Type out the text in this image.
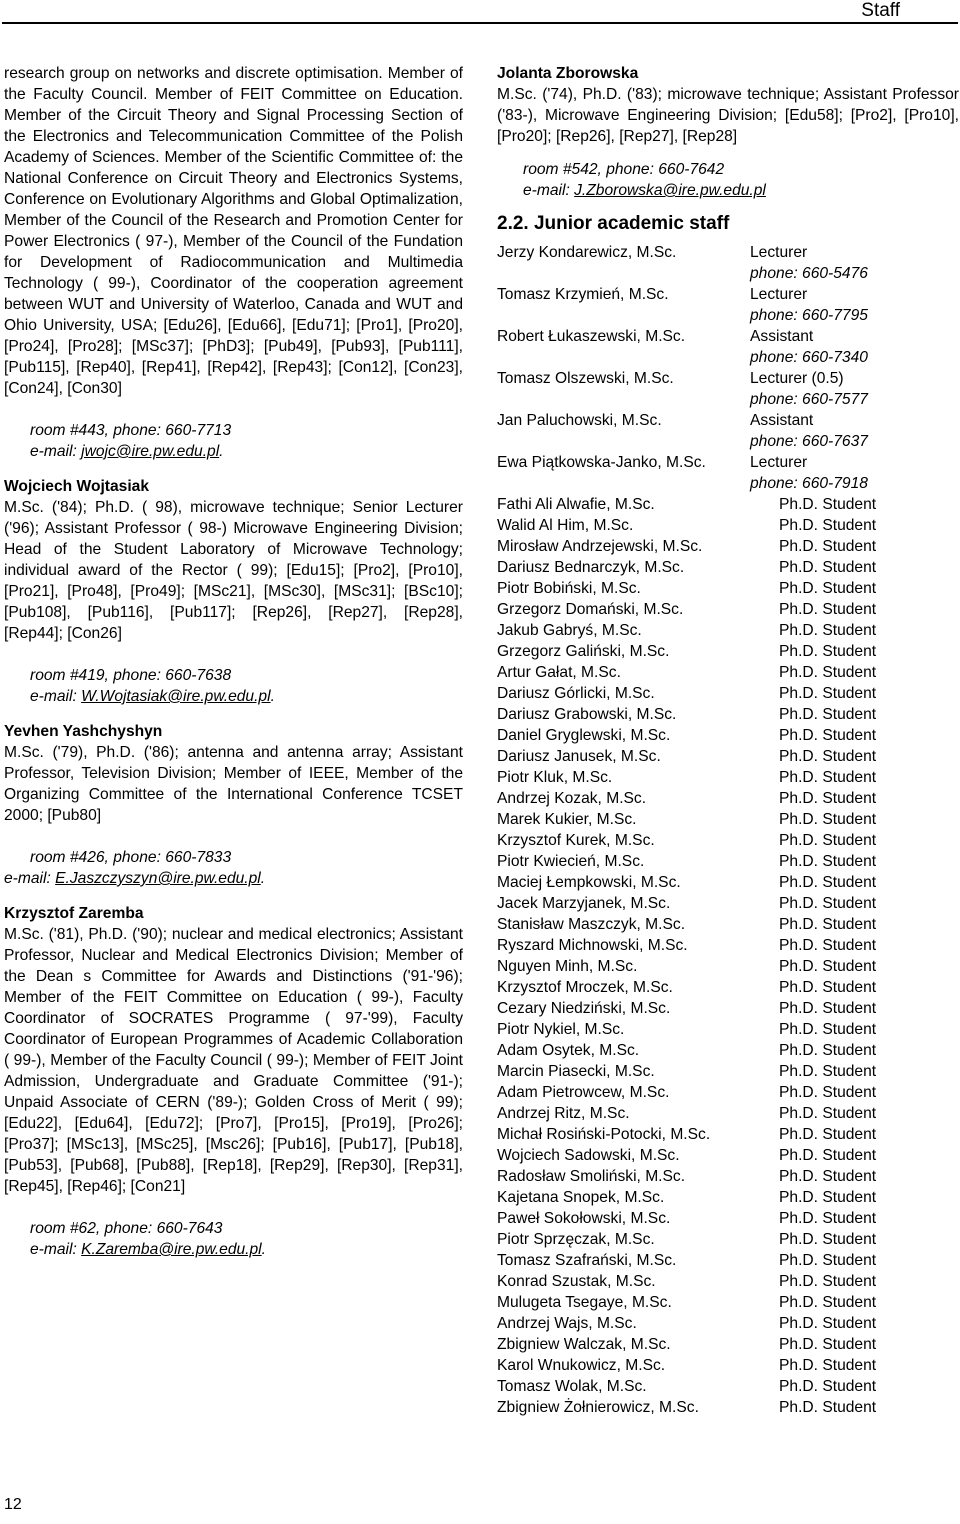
Staff

research group on networks and discrete optimisation. Member of the Faculty Council. Member of FEIT Committee on Education. Member of the Circuit Theory and Signal Processing Section of the Electronics and Telecommunication Committee of the Polish Academy of Sciences. Member of the Scientific Committee of: the National Conference on Circuit Theory and Electronics Systems, Conference on Evolutionary Algorithms and Global Optimalization, Member of the Council of the Research and Promotion Center for Power Electronics ( 97-), Member of the Council of the Fundation for Development of Radiocommunication and Multimedia Technology ( 99-), Coordinator of the cooperation agreement between WUT and University of Waterloo, Canada and WUT and Ohio University, USA; [Edu26], [Edu66], [Edu71]; [Pro1], [Pro20], [Pro24], [Pro28]; [MSc37]; [PhD3]; [Pub49], [Pub93], [Pub111], [Pub115], [Rep40], [Rep41], [Rep42], [Rep43]; [Con12], [Con23], [Con24], [Con30]

room #443, phone: 660-7713
e-mail: jwojc@ire.pw.edu.pl.
Wojciech Wojtasiak

M.Sc. ('84); Ph.D. ( 98), microwave technique; Senior Lecturer ('96); Assistant Professor ( 98-) Microwave Engineering Division; Head of the Student Laboratory of Microwave Technology; individual award of the Rector ( 99); [Edu15]; [Pro2], [Pro10], [Pro21], [Pro48], [Pro49]; [MSc21], [MSc30], [MSc31]; [BSc10]; [Pub108], [Pub116], [Pub117]; [Rep26], [Rep27], [Rep28], [Rep44]; [Con26]

room #419, phone: 660-7638
e-mail: W.Wojtasiak@ire.pw.edu.pl.
Yevhen Yashchyshyn

M.Sc. ('79), Ph.D. ('86); antenna and antenna array; Assistant Professor, Television Division; Member of IEEE, Member of the Organizing Committee of the International Conference TCSET 2000; [Pub80]

room #426, phone: 660-7833
e-mail: E.Jaszczyszyn@ire.pw.edu.pl.
Krzysztof Zaremba

M.Sc. ('81), Ph.D. ('90); nuclear and medical electronics; Assistant Professor, Nuclear and Medical Electronics Division; Member of the Dean s Committee for Awards and Distinctions ('91-'96); Member of the FEIT Committee on Education ( 99-), Faculty Coordinator of SOCRATES Programme ( 97-'99), Faculty Coordinator of European Programmes of Academic Collaboration ( 99-), Member of the Faculty Council ( 99-); Member of FEIT Joint Admission, Undergraduate and Graduate Committee ('91-); Unpaid Associate of CERN ('89-); Golden Cross of Merit ( 99); [Edu22], [Edu64], [Edu72]; [Pro7], [Pro15], [Pro19], [Pro26]; [Pro37]; [MSc13], [MSc25], [Msc26]; [Pub16], [Pub17], [Pub18], [Pub53], [Pub68], [Pub88], [Rep18], [Rep29], [Rep30], [Rep31], [Rep45], [Rep46]; [Con21]

room #62, phone: 660-7643
e-mail: K.Zaremba@ire.pw.edu.pl.
Jolanta Zborowska

M.Sc. ('74), Ph.D. ('83); microwave technique; Assistant Professor ('83-), Microwave Engineering Division; [Edu58]; [Pro2], [Pro10], [Pro20]; [Rep26], [Rep27], [Rep28]

room #542, phone: 660-7642
e-mail: J.Zborowska@ire.pw.edu.pl
2.2. Junior academic staff
Jerzy Kondarewicz, M.Sc.	Lecturer
phone: 660-5476
Tomasz Krzymień, M.Sc.	Lecturer
phone: 660-7795
Robert Łukaszewski, M.Sc.	Assistant
phone: 660-7340
Tomasz Olszewski, M.Sc.	Lecturer (0.5)
phone: 660-7577
Jan Paluchowski, M.Sc.	Assistant
phone: 660-7637
Ewa Piątkowska-Janko, M.Sc.	Lecturer
phone: 660-7918
Fathi Ali Alwafie, M.Sc.	Ph.D. Student
Walid Al Him, M.Sc.	Ph.D. Student
Mirosław Andrzejewski, M.Sc.	Ph.D. Student
Dariusz Bednarczyk, M.Sc.	Ph.D. Student
Piotr Bobiński, M.Sc.	Ph.D. Student
Grzegorz Domański, M.Sc.	Ph.D. Student
Jakub Gabryś, M.Sc.	Ph.D. Student
Grzegorz Galiński, M.Sc.	Ph.D. Student
Artur Gałat, M.Sc.	Ph.D. Student
Dariusz Górlicki, M.Sc.	Ph.D. Student
Dariusz Grabowski, M.Sc.	Ph.D. Student
Daniel Gryglewski, M.Sc.	Ph.D. Student
Dariusz Janusek, M.Sc.	Ph.D. Student
Piotr Kluk, M.Sc.	Ph.D. Student
Andrzej Kozak, M.Sc.	Ph.D. Student
Marek Kukier, M.Sc.	Ph.D. Student
Krzysztof Kurek, M.Sc.	Ph.D. Student
Piotr Kwiecień, M.Sc.	Ph.D. Student
Maciej Łempkowski, M.Sc.	Ph.D. Student
Jacek Marzyjanek, M.Sc.	Ph.D. Student
Stanisław Maszczyk, M.Sc.	Ph.D. Student
Ryszard Michnowski, M.Sc.	Ph.D. Student
Nguyen Minh, M.Sc.	Ph.D. Student
Krzysztof Mroczek, M.Sc.	Ph.D. Student
Cezary Niedziński, M.Sc.	Ph.D. Student
Piotr Nykiel, M.Sc.	Ph.D. Student
Adam Osytek, M.Sc.	Ph.D. Student
Marcin Piasecki, M.Sc.	Ph.D. Student
Adam Pietrowcew, M.Sc.	Ph.D. Student
Andrzej Ritz, M.Sc.	Ph.D. Student
Michał Rosiński-Potocki, M.Sc.	Ph.D. Student
Wojciech Sadowski, M.Sc.	Ph.D. Student
Radosław Smoliński, M.Sc.	Ph.D. Student
Kajetana Snopek, M.Sc.	Ph.D. Student
Paweł Sokołowski, M.Sc.	Ph.D. Student
Piotr Sprzęczak, M.Sc.	Ph.D. Student
Tomasz Szafrański, M.Sc.	Ph.D. Student
Konrad Szustak, M.Sc.	Ph.D. Student
Mulugeta Tsegaye, M.Sc.	Ph.D. Student
Andrzej Wajs, M.Sc.	Ph.D. Student
Zbigniew Walczak, M.Sc.	Ph.D. Student
Karol Wnukowicz, M.Sc.	Ph.D. Student
Tomasz Wolak, M.Sc.	Ph.D. Student
Zbigniew Żołnierowicz, M.Sc.	Ph.D. Student
12
